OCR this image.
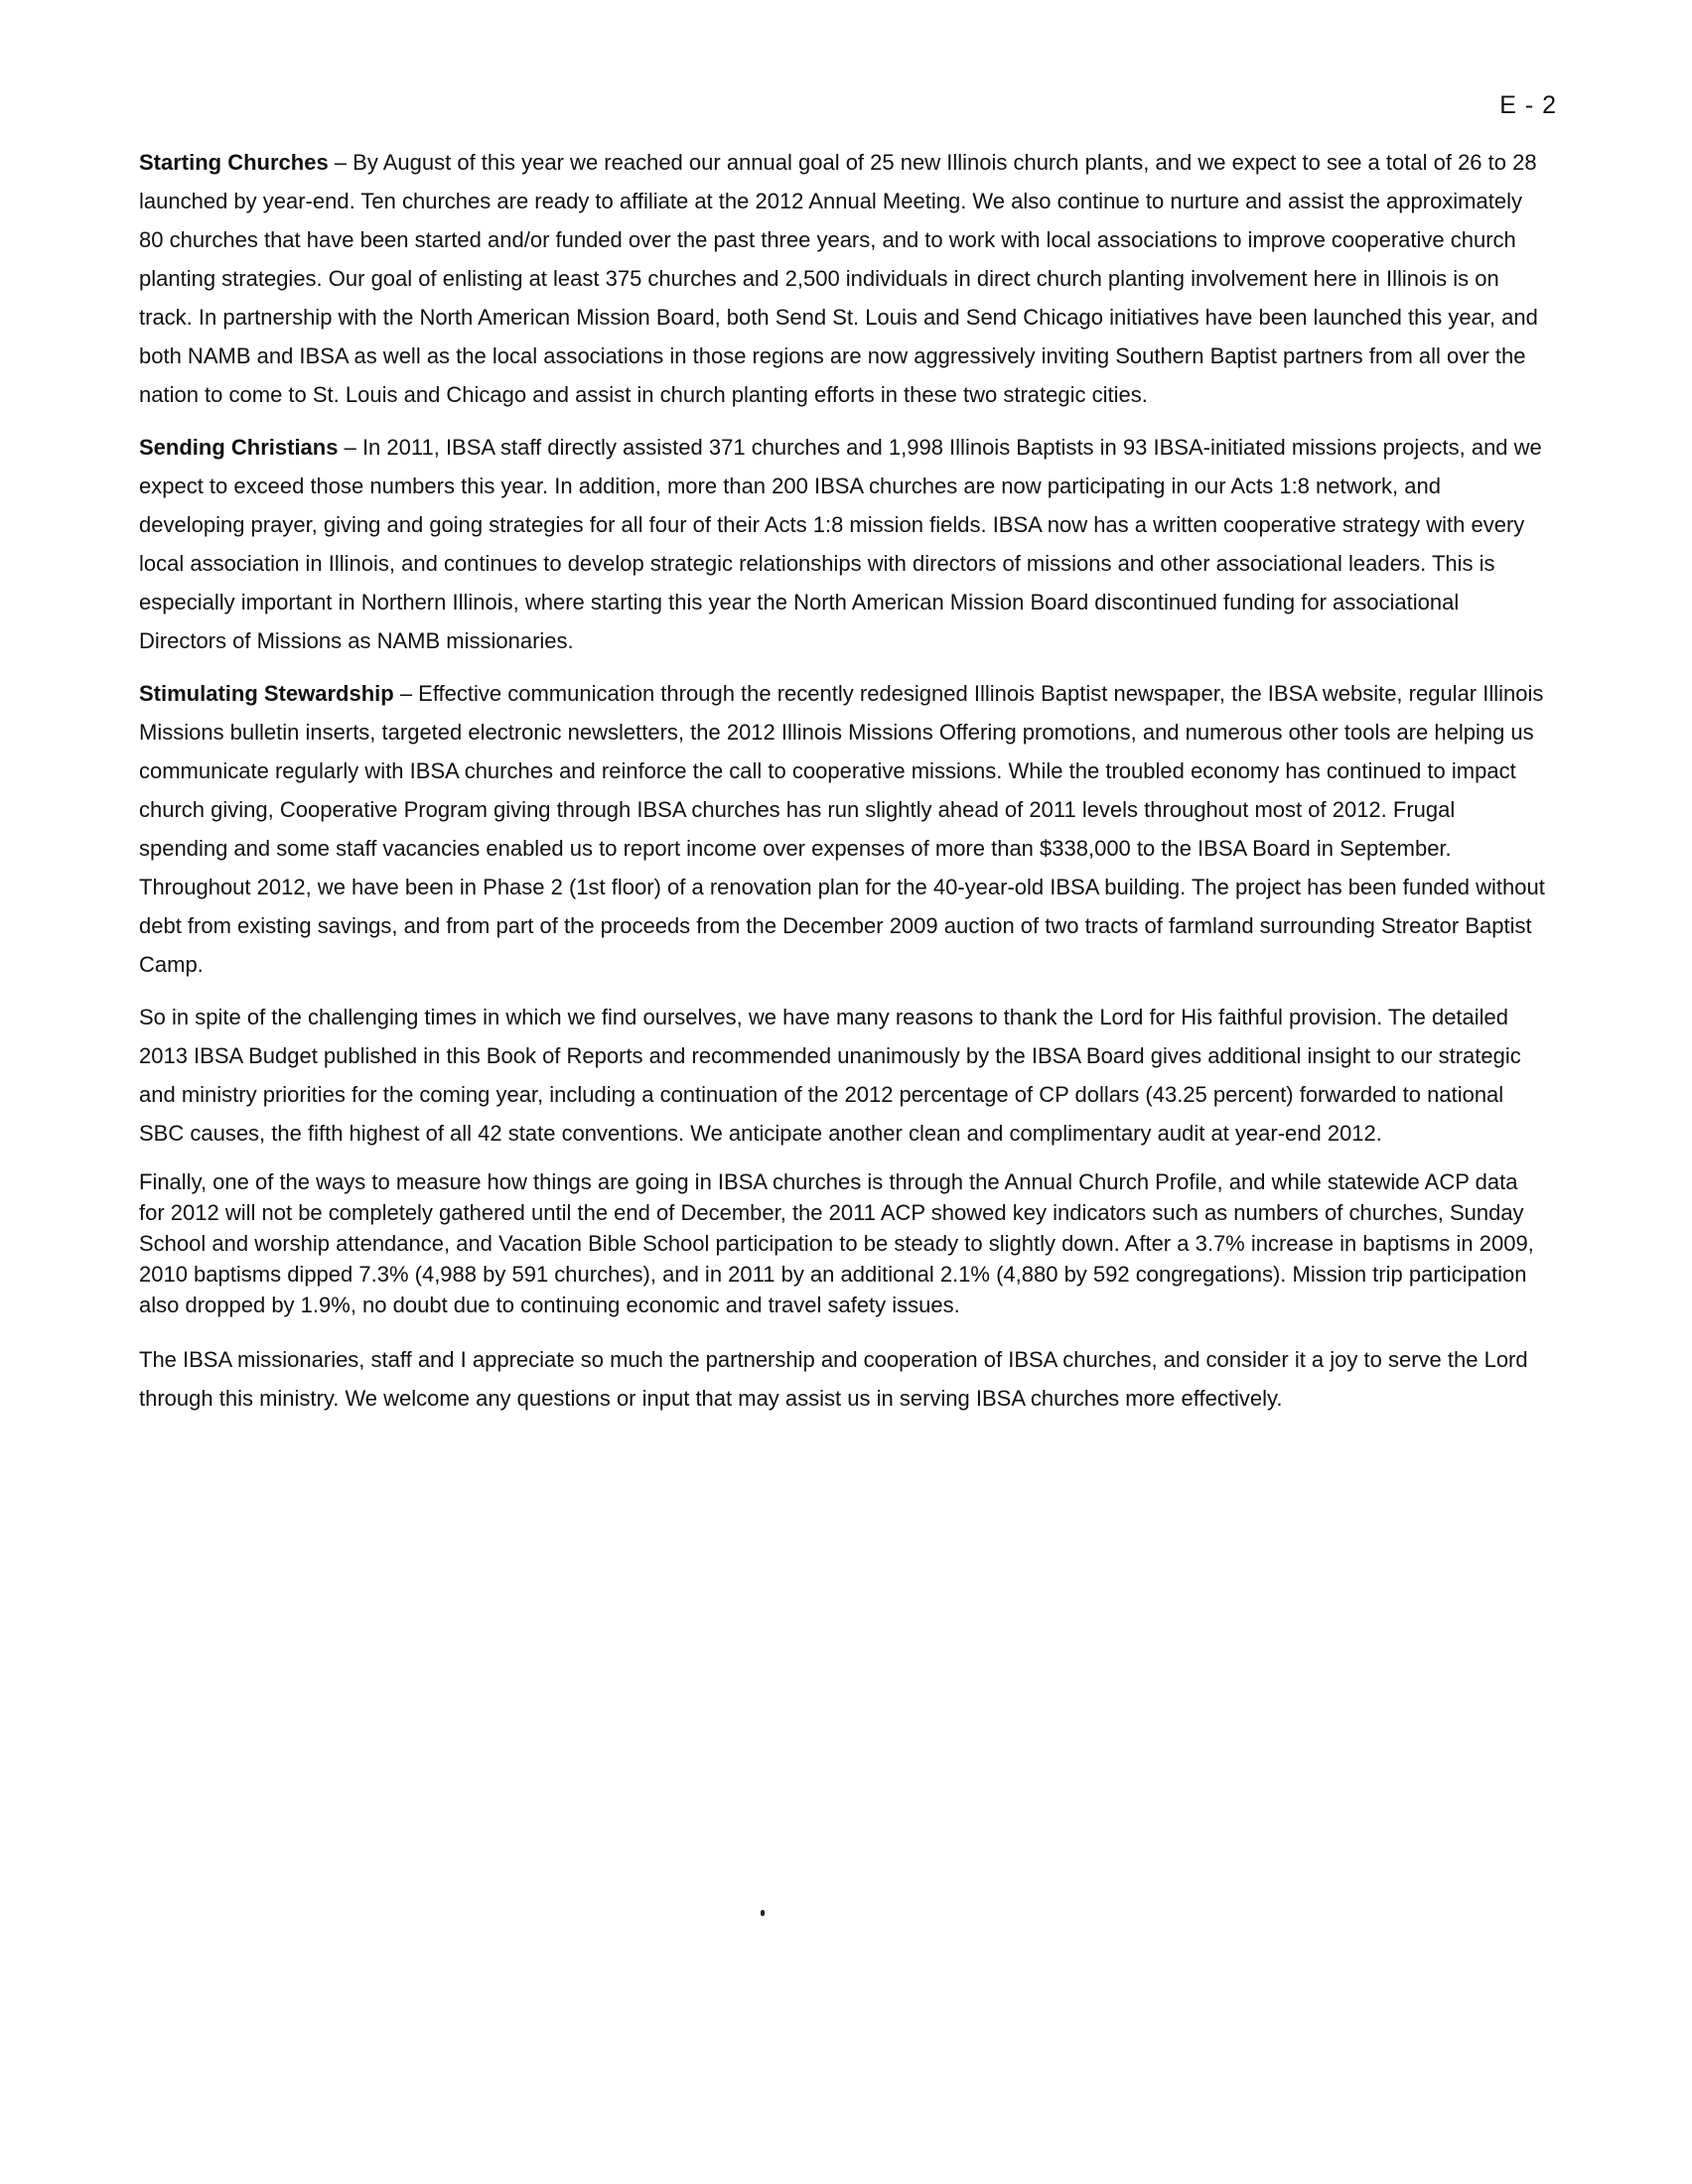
E - 2

Starting Churches – By August of this year we reached our annual goal of 25 new Illinois church plants, and we expect to see a total of 26 to 28 launched by year-end. Ten churches are ready to affiliate at the 2012 Annual Meeting. We also continue to nurture and assist the approximately 80 churches that have been started and/or funded over the past three years, and to work with local associations to improve cooperative church planting strategies. Our goal of enlisting at least 375 churches and 2,500 individuals in direct church planting involvement here in Illinois is on track. In partnership with the North American Mission Board, both Send St. Louis and Send Chicago initiatives have been launched this year, and both NAMB and IBSA as well as the local associations in those regions are now aggressively inviting Southern Baptist partners from all over the nation to come to St. Louis and Chicago and assist in church planting efforts in these two strategic cities.

Sending Christians – In 2011, IBSA staff directly assisted 371 churches and 1,998 Illinois Baptists in 93 IBSA-initiated missions projects, and we expect to exceed those numbers this year. In addition, more than 200 IBSA churches are now participating in our Acts 1:8 network, and developing prayer, giving and going strategies for all four of their Acts 1:8 mission fields. IBSA now has a written cooperative strategy with every local association in Illinois, and continues to develop strategic relationships with directors of missions and other associational leaders. This is especially important in Northern Illinois, where starting this year the North American Mission Board discontinued funding for associational Directors of Missions as NAMB missionaries.

Stimulating Stewardship – Effective communication through the recently redesigned Illinois Baptist newspaper, the IBSA website, regular Illinois Missions bulletin inserts, targeted electronic newsletters, the 2012 Illinois Missions Offering promotions, and numerous other tools are helping us communicate regularly with IBSA churches and reinforce the call to cooperative missions. While the troubled economy has continued to impact church giving, Cooperative Program giving through IBSA churches has run slightly ahead of 2011 levels throughout most of 2012. Frugal spending and some staff vacancies enabled us to report income over expenses of more than $338,000 to the IBSA Board in September. Throughout 2012, we have been in Phase 2 (1st floor) of a renovation plan for the 40-year-old IBSA building. The project has been funded without debt from existing savings, and from part of the proceeds from the December 2009 auction of two tracts of farmland surrounding Streator Baptist Camp.

So in spite of the challenging times in which we find ourselves, we have many reasons to thank the Lord for His faithful provision. The detailed 2013 IBSA Budget published in this Book of Reports and recommended unanimously by the IBSA Board gives additional insight to our strategic and ministry priorities for the coming year, including a continuation of the 2012 percentage of CP dollars (43.25 percent) forwarded to national SBC causes, the fifth highest of all 42 state conventions. We anticipate another clean and complimentary audit at year-end 2012.

Finally, one of the ways to measure how things are going in IBSA churches is through the Annual Church Profile, and while statewide ACP data for 2012 will not be completely gathered until the end of December, the 2011 ACP showed key indicators such as numbers of churches, Sunday School and worship attendance, and Vacation Bible School participation to be steady to slightly down. After a 3.7% increase in baptisms in 2009, 2010 baptisms dipped 7.3% (4,988 by 591 churches), and in 2011 by an additional 2.1% (4,880 by 592 congregations). Mission trip participation also dropped by 1.9%, no doubt due to continuing economic and travel safety issues.

The IBSA missionaries, staff and I appreciate so much the partnership and cooperation of IBSA churches, and consider it a joy to serve the Lord through this ministry. We welcome any questions or input that may assist us in serving IBSA churches more effectively.
